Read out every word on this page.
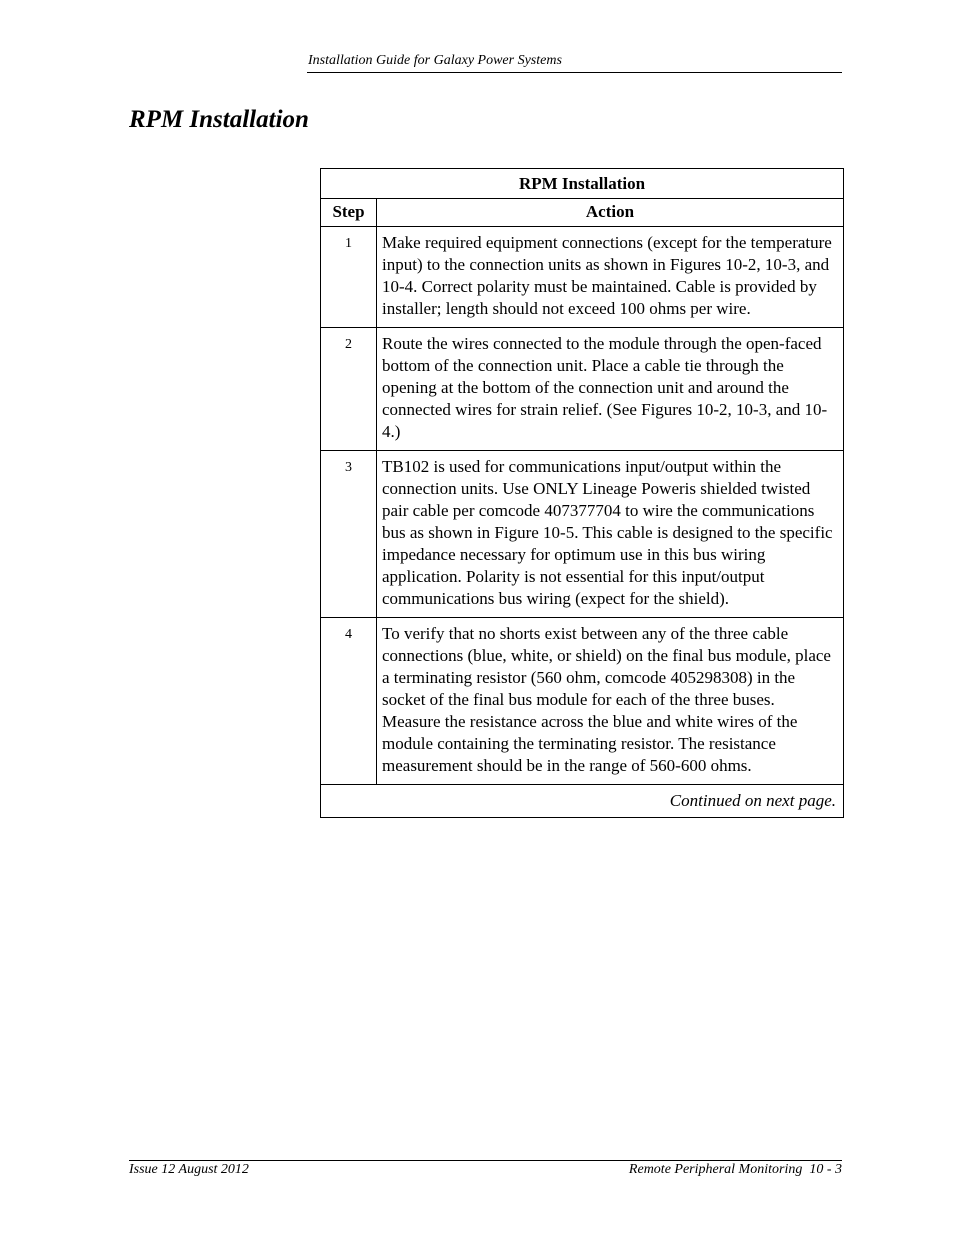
Installation Guide for Galaxy Power Systems
RPM Installation
RPM Installation	
Step	Action
1	Make required equipment connections (except for the temperature input) to the connection units as shown in Figures 10-2, 10-3, and 10-4. Correct polarity must be maintained. Cable is provided by installer; length should not exceed 100 ohms per wire.
2	Route the wires connected to the module through the open-faced bottom of the connection unit. Place a cable tie through the opening at the bottom of the connection unit and around the connected wires for strain relief. (See Figures 10-2, 10-3, and 10-4.)
3	TB102 is used for communications input/output within the connection units. Use ONLY Lineage Poweris shielded twisted pair cable per comcode 407377704 to wire the communications bus as shown in Figure 10-5. This cable is designed to the specific impedance necessary for optimum use in this bus wiring application. Polarity is not essential for this input/output communications bus wiring (expect for the shield).
4	To verify that no shorts exist between any of the three cable connections (blue, white, or shield) on the final bus module, place a terminating resistor (560 ohm, comcode 405298308) in the socket of the final bus module for each of the three buses. Measure the resistance across the blue and white wires of the module containing the terminating resistor. The resistance measurement should be in the range of 560-600 ohms.
Continued on next page.	
Issue 12 August 2012	Remote Peripheral Monitoring  10 - 3
